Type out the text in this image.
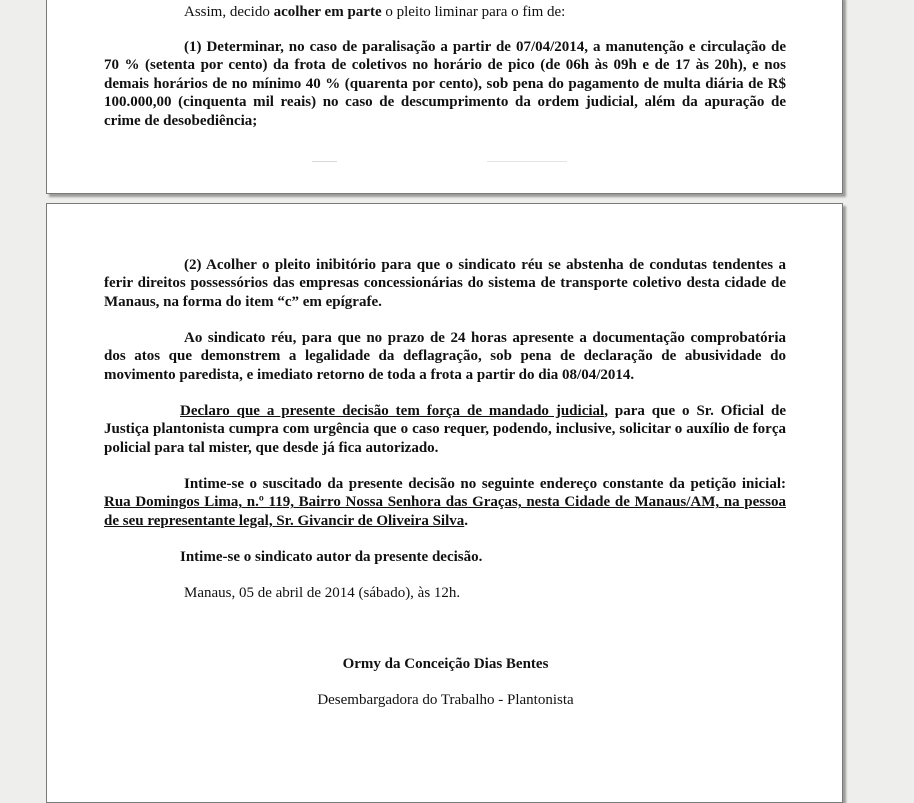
Assim, decido acolher em parte o pleito liminar para o fim de:

(1) Determinar, no caso de paralisação a partir de 07/04/2014, a manutenção e circulação de 70 % (setenta por cento) da frota de coletivos no horário de pico (de 06h às 09h e de 17 às 20h), e nos demais horários de no mínimo 40 % (quarenta por cento), sob pena do pagamento de multa diária de R$ 100.000,00 (cinquenta mil reais) no caso de descumprimento da ordem judicial, além da apuração de crime de desobediência;

(2) Acolher o pleito inibitório para que o sindicato réu se abstenha de condutas tendentes a ferir direitos possessórios das empresas concessionárias do sistema de transporte coletivo desta cidade de Manaus, na forma do item “c” em epígrafe.

Ao sindicato réu, para que no prazo de 24 horas apresente a documentação comprobatória dos atos que demonstrem a legalidade da deflagração, sob pena de declaração de abusividade do movimento paredista, e imediato retorno de toda a frota a partir do dia 08/04/2014.

Declaro que a presente decisão tem força de mandado judicial, para que o Sr. Oficial de Justiça plantonista cumpra com urgência que o caso requer, podendo, inclusive, solicitar o auxílio de força policial para tal mister, que desde já fica autorizado.

Intime-se o suscitado da presente decisão no seguinte endereço constante da petição inicial: Rua Domingos Lima, n.º 119, Bairro Nossa Senhora das Graças, nesta Cidade de Manaus/AM, na pessoa de seu representante legal, Sr. Givancir de Oliveira Silva.

Intime-se o sindicato autor da presente decisão.

Manaus, 05 de abril de 2014 (sábado), às 12h.

Ormy da Conceição Dias Bentes

Desembargadora do Trabalho - Plantonista
